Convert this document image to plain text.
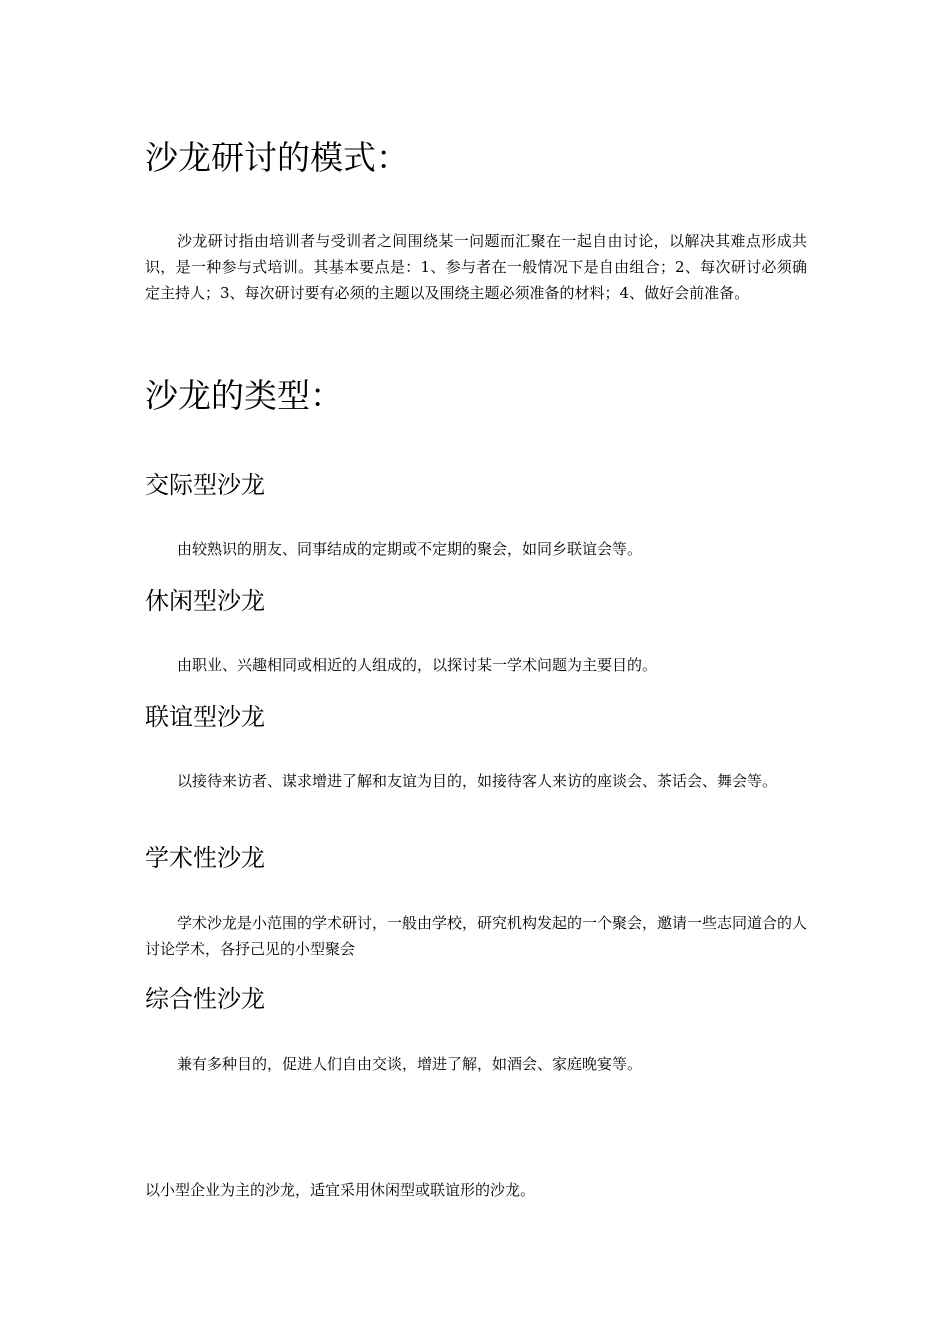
沙龙研讨的模式：

沙龙研讨指由培训者与受训者之间围绕某一问题而汇聚在一起自由讨论，以解决其难点形成共识，是一种参与式培训。其基本要点是：1、参与者在一般情况下是自由组合；2、每次研讨必须确定主持人；3、每次研讨要有必须的主题以及围绕主题必须准备的材料；4、做好会前准备。

沙龙的类型：
交际型沙龙

由较熟识的朋友、同事结成的定期或不定期的聚会，如同乡联谊会等。

休闲型沙龙

由职业、兴趣相同或相近的人组成的，以探讨某一学术问题为主要目的。

联谊型沙龙

以接待来访者、谋求增进了解和友谊为目的，如接待客人来访的座谈会、茶话会、舞会等。

学术性沙龙

学术沙龙是小范围的学术研讨，一般由学校，研究机构发起的一个聚会，邀请一些志同道合的人讨论学术，各抒己见的小型聚会

综合性沙龙

兼有多种目的，促进人们自由交谈，增进了解，如酒会、家庭晚宴等。

以小型企业为主的沙龙，适宜采用休闲型或联谊形的沙龙。
